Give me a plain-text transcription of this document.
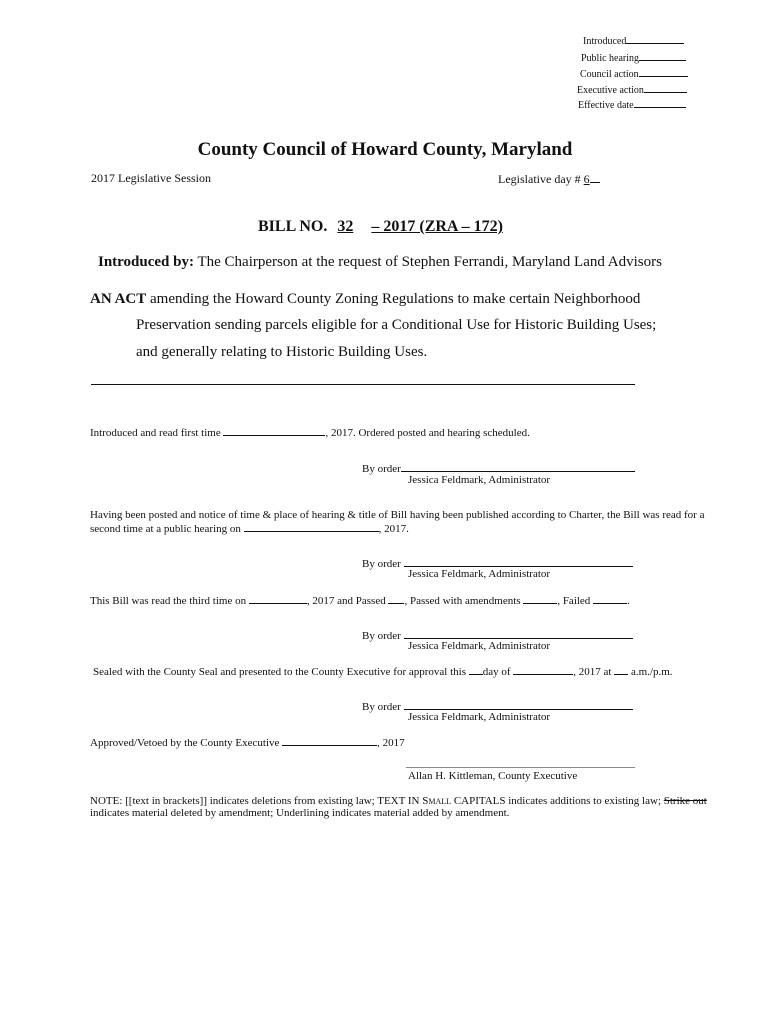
Introduced
Public hearing
Council action
Executive action
Effective date
County Council of Howard County, Maryland
2017 Legislative Session	Legislative day # 6
BILL NO. 32 – 2017 (ZRA – 172)
Introduced by: The Chairperson at the request of Stephen Ferrandi, Maryland Land Advisors
AN ACT amending the Howard County Zoning Regulations to make certain Neighborhood
Preservation sending parcels eligible for a Conditional Use for Historic Building Uses;
and generally relating to Historic Building Uses.
Introduced and read first time	, 2017. Ordered posted and hearing scheduled.
By order
Jessica Feldmark, Administrator
Having been posted and notice of time & place of hearing & title of Bill having been published according to Charter, the Bill was read for a
second time at a public hearing on	, 2017.
By order
Jessica Feldmark, Administrator
This Bill was read the third time on	, 2017 and Passed , Passed with amendments	, Failed	.
By order
Jessica Feldmark, Administrator
Sealed with the County Seal and presented to the County Executive for approval this day of	, 2017 at a.m./p.m.
By order
Jessica Feldmark, Administrator
Approved/Vetoed by the County Executive	, 2017
Allan H. Kittleman, County Executive
NOTE: [[text in brackets]] indicates deletions from existing law; TEXT IN SMALL CAPITALS indicates additions to existing law; Strike out
indicates material deleted by amendment; Underlining indicates material added by amendment.
